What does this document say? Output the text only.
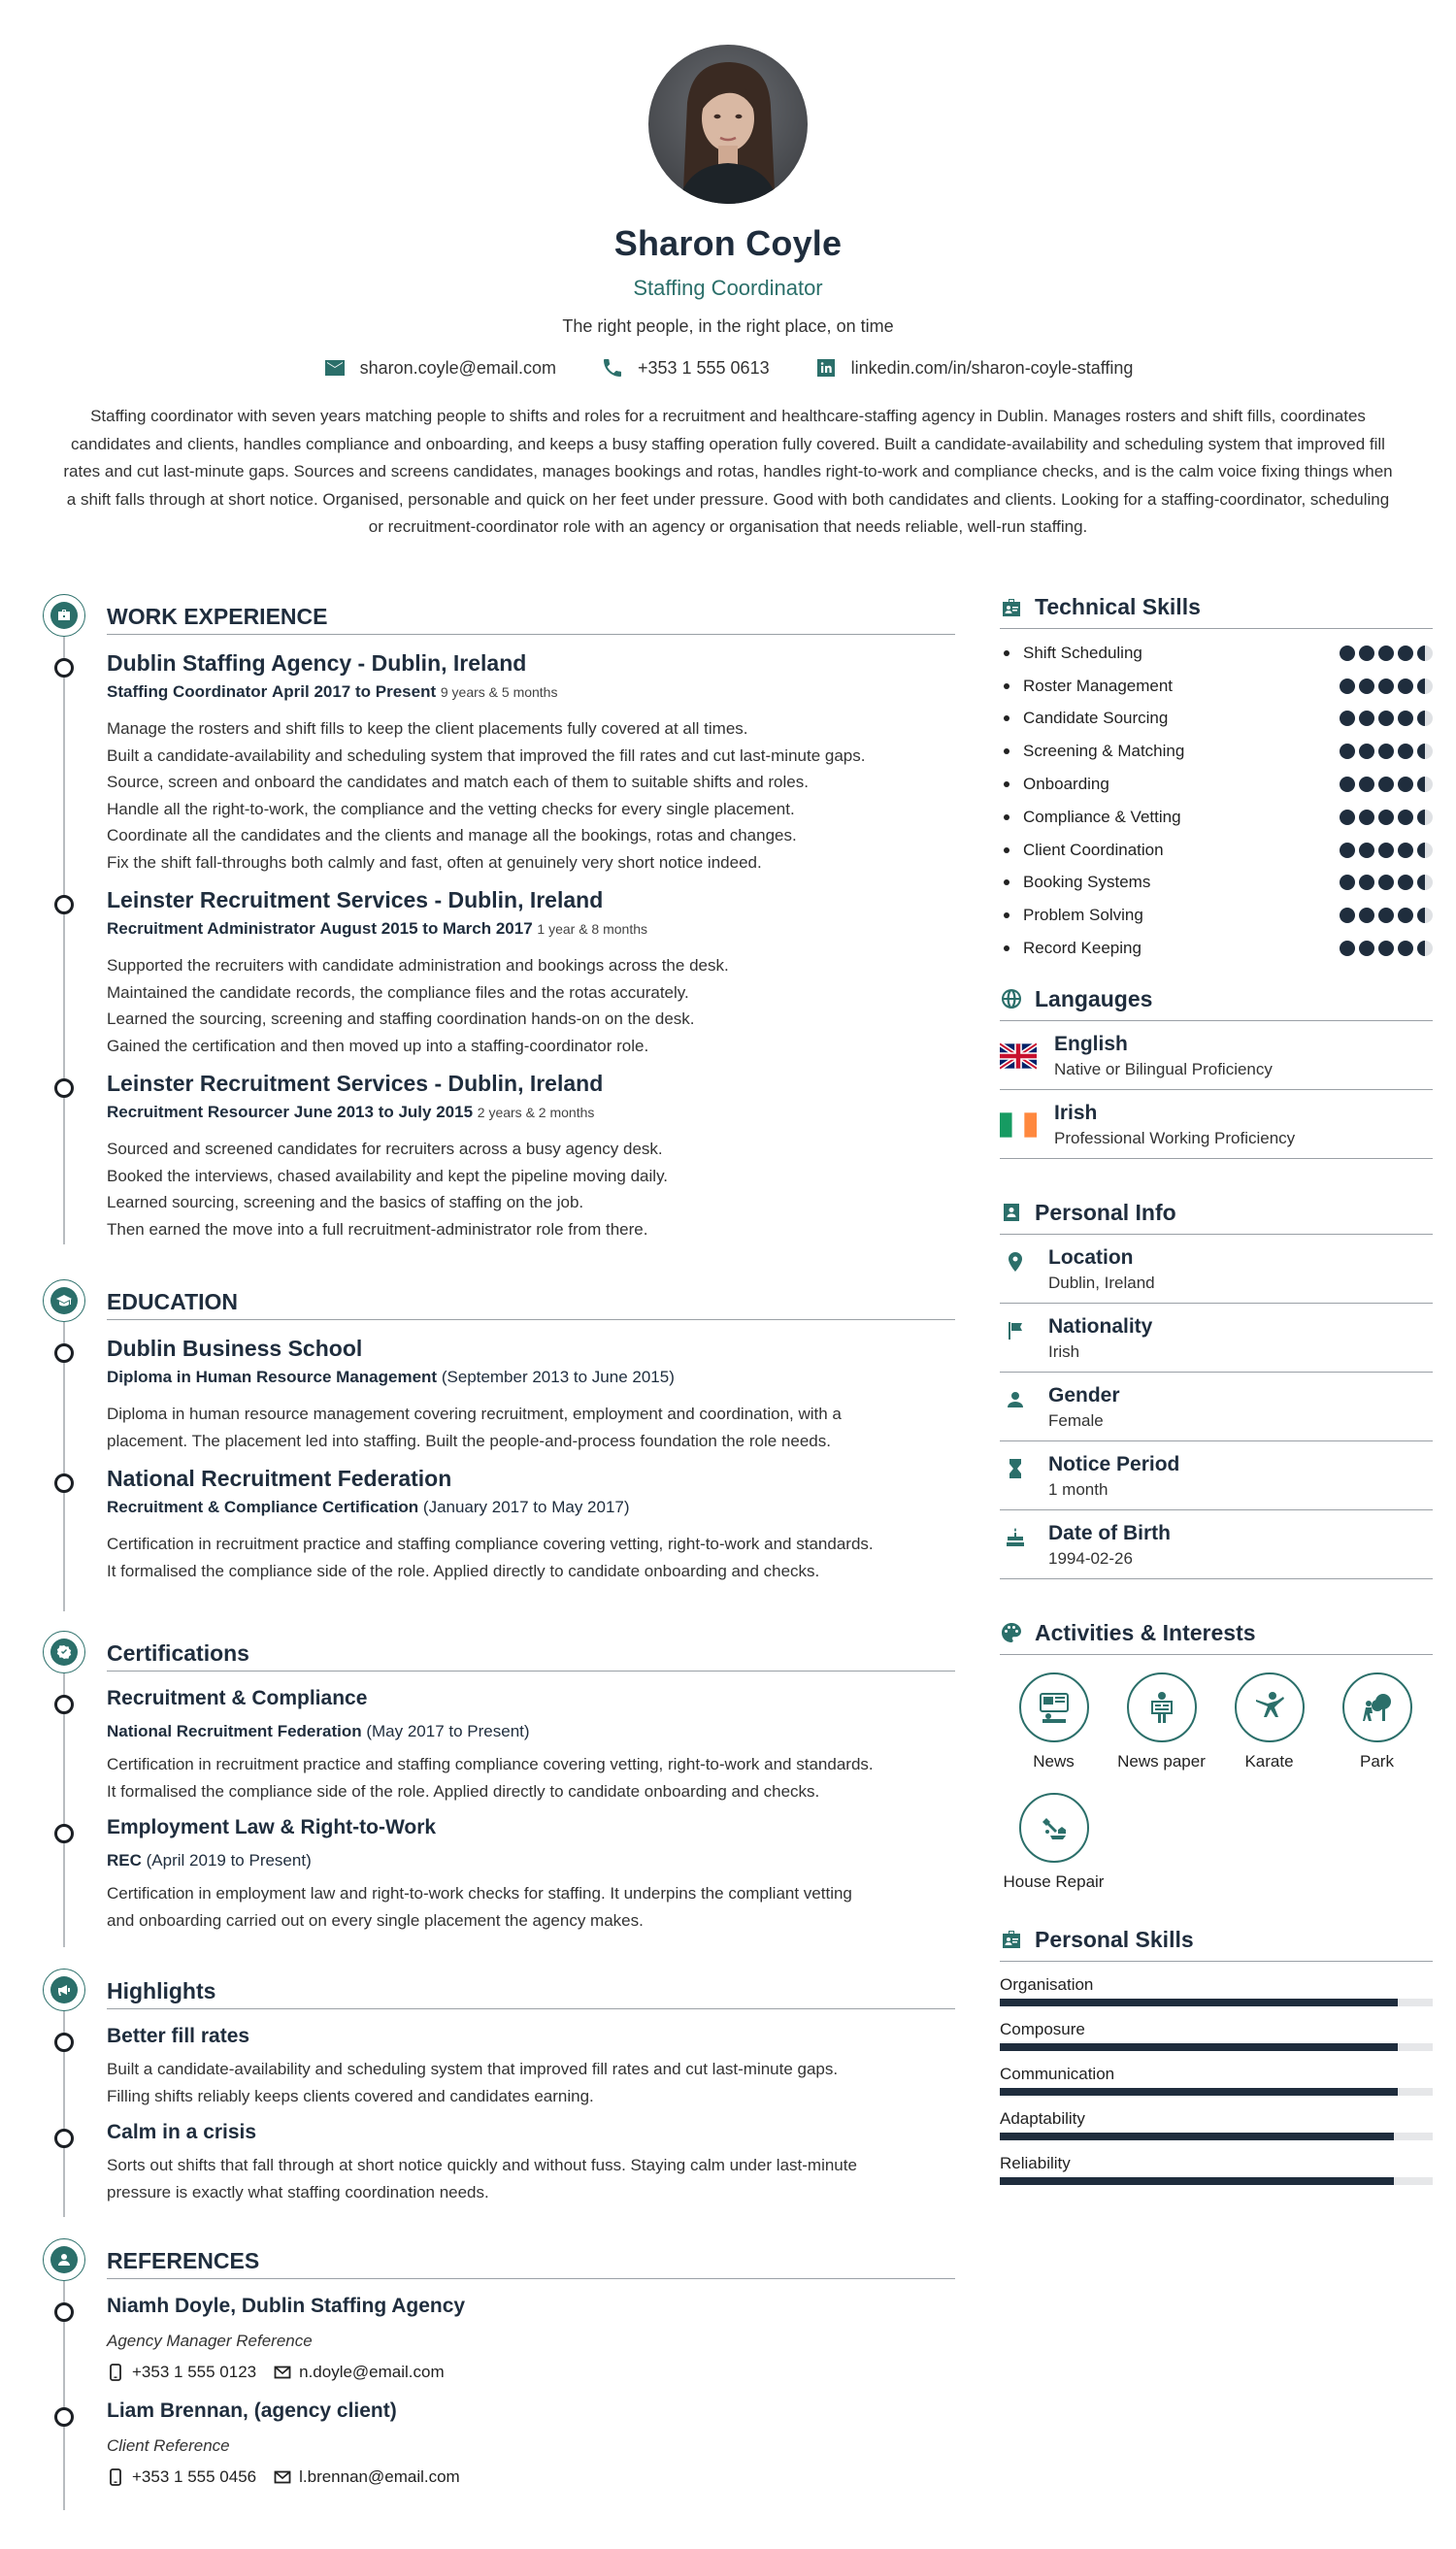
Sharon Coyle
Staffing Coordinator
The right people, in the right place, on time
sharon.coyle@email.com	+353 1 555 0613	linkedin.com/in/sharon-coyle-staffing
Staffing coordinator with seven years matching people to shifts and roles for a recruitment and healthcare-staffing agency in Dublin. Manages rosters and shift fills, coordinates candidates and clients, handles compliance and onboarding, and keeps a busy staffing operation fully covered. Built a candidate-availability and scheduling system that improved fill rates and cut last-minute gaps. Sources and screens candidates, manages bookings and rotas, handles right-to-work and compliance checks, and is the calm voice fixing things when a shift falls through at short notice. Organised, personable and quick on her feet under pressure. Good with both candidates and clients. Looking for a staffing-coordinator, scheduling or recruitment-coordinator role with an agency or organisation that needs reliable, well-run staffing.
WORK EXPERIENCE
Dublin Staffing Agency - Dublin, Ireland
Staffing Coordinator April 2017 to Present 9 years & 5 months
Manage the rosters and shift fills to keep the client placements fully covered at all times.
Built a candidate-availability and scheduling system that improved the fill rates and cut last-minute gaps.
Source, screen and onboard the candidates and match each of them to suitable shifts and roles.
Handle all the right-to-work, the compliance and the vetting checks for every single placement.
Coordinate all the candidates and the clients and manage all the bookings, rotas and changes.
Fix the shift fall-throughs both calmly and fast, often at genuinely very short notice indeed.
Leinster Recruitment Services - Dublin, Ireland
Recruitment Administrator August 2015 to March 2017 1 year & 8 months
Supported the recruiters with candidate administration and bookings across the desk.
Maintained the candidate records, the compliance files and the rotas accurately.
Learned the sourcing, screening and staffing coordination hands-on on the desk.
Gained the certification and then moved up into a staffing-coordinator role.
Leinster Recruitment Services - Dublin, Ireland
Recruitment Resourcer June 2013 to July 2015 2 years & 2 months
Sourced and screened candidates for recruiters across a busy agency desk.
Booked the interviews, chased availability and kept the pipeline moving daily.
Learned sourcing, screening and the basics of staffing on the job.
Then earned the move into a full recruitment-administrator role from there.
EDUCATION
Dublin Business School
Diploma in Human Resource Management (September 2013 to June 2015)
Diploma in human resource management covering recruitment, employment and coordination, with a
placement. The placement led into staffing. Built the people-and-process foundation the role needs.
National Recruitment Federation
Recruitment & Compliance Certification (January 2017 to May 2017)
Certification in recruitment practice and staffing compliance covering vetting, right-to-work and standards.
It formalised the compliance side of the role. Applied directly to candidate onboarding and checks.
Certifications
Recruitment & Compliance
National Recruitment Federation (May 2017 to Present)
Certification in recruitment practice and staffing compliance covering vetting, right-to-work and standards.
It formalised the compliance side of the role. Applied directly to candidate onboarding and checks.
Employment Law & Right-to-Work
REC (April 2019 to Present)
Certification in employment law and right-to-work checks for staffing. It underpins the compliant vetting
and onboarding carried out on every single placement the agency makes.
Highlights
Better fill rates
Built a candidate-availability and scheduling system that improved fill rates and cut last-minute gaps.
Filling shifts reliably keeps clients covered and candidates earning.
Calm in a crisis
Sorts out shifts that fall through at short notice quickly and without fuss. Staying calm under last-minute
pressure is exactly what staffing coordination needs.
REFERENCES
Niamh Doyle, Dublin Staffing Agency
Agency Manager Reference
+353 1 555 0123	n.doyle@email.com
Liam Brennan, (agency client)
Client Reference
+353 1 555 0456	l.brennan@email.com
Technical Skills
Shift Scheduling
Roster Management
Candidate Sourcing
Screening & Matching
Onboarding
Compliance & Vetting
Client Coordination
Booking Systems
Problem Solving
Record Keeping
Langauges
English
Native or Bilingual Proficiency
Irish
Professional Working Proficiency
Personal Info
Location
Dublin, Ireland
Nationality
Irish
Gender
Female
Notice Period
1 month
Date of Birth
1994-02-26
Activities & Interests
News	News paper Karate	Park
House Repair
Personal Skills
Organisation
Composure
Communication
Adaptability
Reliability
